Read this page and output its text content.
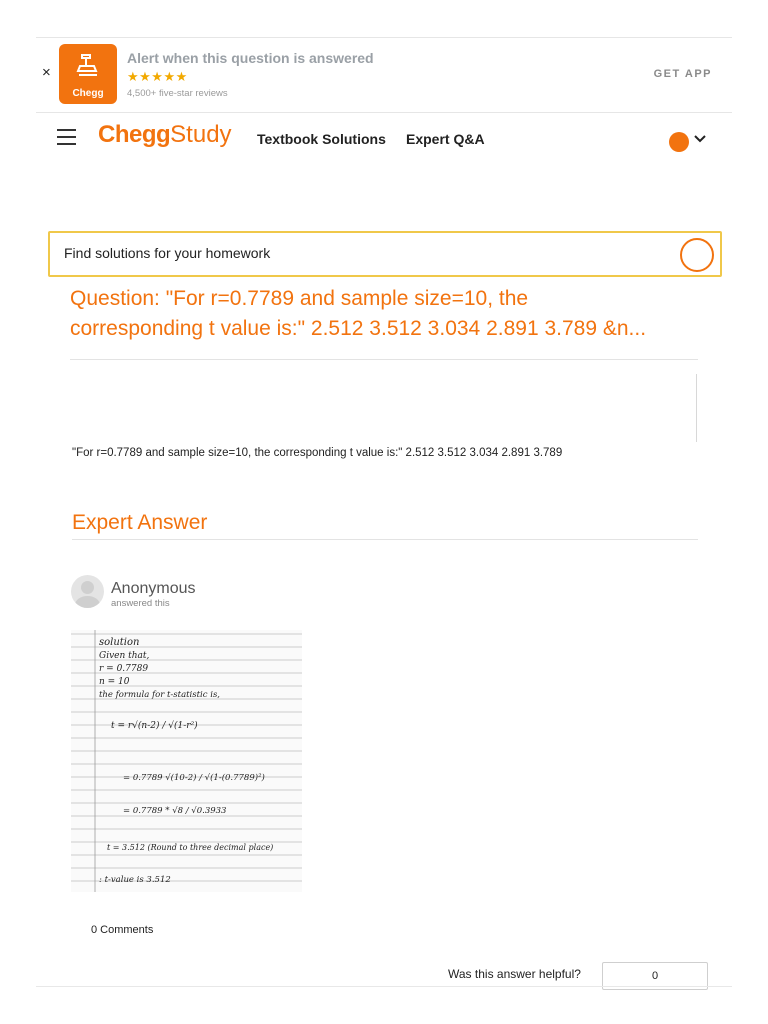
×
Chegg
Alert when this question is answered
★★★★★
4,500+ five-star reviews
GET APP
CheggStudy Textbook Solutions Expert Q&A
Find solutions for your homework
Question: "For r=0.7789 and sample size=10, the
corresponding t value is:" 2.512 3.512 3.034 2.891 3.789 &n...
"For r=0.7789 and sample size=10, the corresponding t value is:" 2.512 3.512 3.034 2.891 3.789
Expert Answer
Anonymous
answered this
solution
Given that,
r = 0.7789
n = 10
the formula for t-statistic is,
t = r√(n-2) / √(1-r²)
= 0.7789 √(10-2) / √(1-(0.7789)²)
= 0.7789 * √8 / √0.3933
t = 3.512 (Round to three decimal place)
: t-value is 3.512
0 Comments
Was this answer helpful?	0
